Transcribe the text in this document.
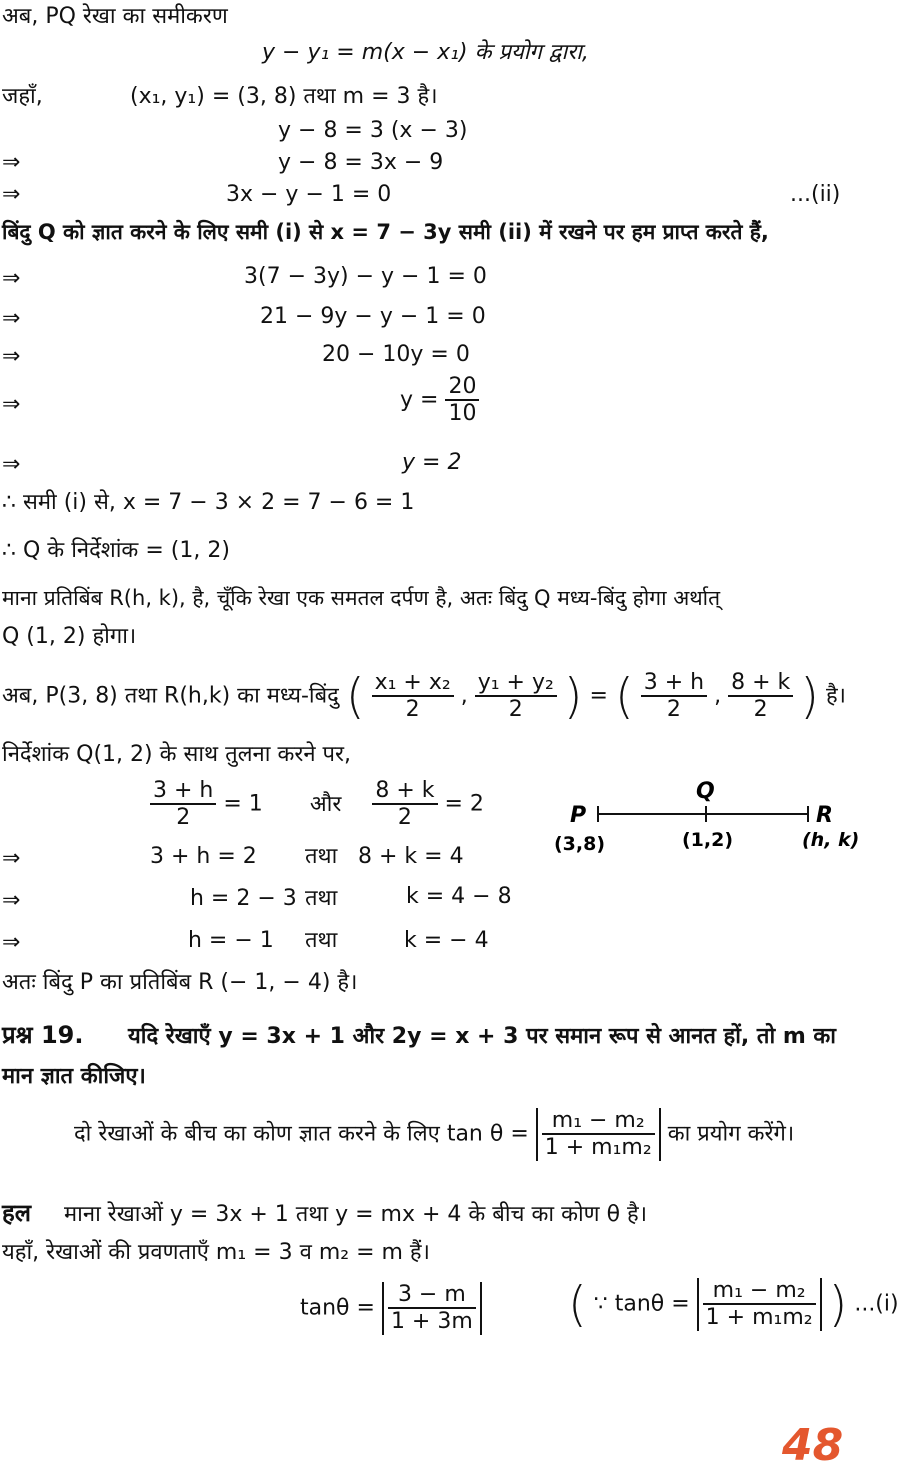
अब, PQ रेखा का समीकरण
y − y₁ = m(x − x₁) के प्रयोग द्वारा,
जहाँ,	(x₁, y₁) = (3, 8) तथा m = 3 है।
y − 8 = 3 (x − 3)
⇒	y − 8 = 3x − 9
⇒	3x − y − 1 = 0	...(ii)
बिंदु Q को ज्ञात करने के लिए समी (i) से x = 7 − 3y समी (ii) में रखने पर हम प्राप्त करते हैं,
⇒	3(7 − 3y) − y − 1 = 0
⇒	21 − 9y − y − 1 = 0
⇒	20 − 10y = 0
⇒	$y = \frac{20}{10}$
⇒	y = 2
∴ समी (i) से, x = 7 − 3 × 2 = 7 − 6 = 1
∴ Q के निर्देशांक = (1, 2)
माना प्रतिबिंब R(h, k), है, चूँकि रेखा एक समतल दर्पण है, अतः बिंदु Q मध्य-बिंदु होगा अर्थात्
Q (1, 2) होगा।
अब, P(3, 8) तथा R(h,k) का मध्य-बिंदु ( $\frac{\text{x₁ + x₂}}{2}$ , $\frac{\text{y₁ + y₂}}{2}$ ) = ( $\frac{3 + h}{2}$ , $\frac{8 + k}{2}$ ) है।
निर्देशांक Q(1, 2) के साथ तुलना करने पर,
$\frac{3 + h}{2} = 1$ और $\frac{8 + k}{2} = 2$	P
Q
R
(3,8)	(1,2)	(h, k)
⇒	3 + h = 2 तथा 8 + k = 4
⇒	h = 2 − 3 तथा	k = 4 − 8
⇒	h = − 1 तथा	k = − 4
अतः बिंदु P का प्रतिबिंब R (− 1, − 4) है।
प्रश्न 19. यदि रेखाएँ y = 3x + 1 और 2y = x + 3 पर समान रूप से आनत हों, तो m का
मान ज्ञात कीजिए।
दो रेखाओं के बीच का कोण ज्ञात करने के लिए $\tan \theta = \frac{\text{m₁ − m₂}}{\text{1 + m₁m₂}}$ का प्रयोग करेंगे।
हल माना रेखाओं y = 3x + 1 तथा y = mx + 4 के बीच का कोण θ है।
यहाँ, रेखाओं की प्रवणताएँ m₁ = 3 व m₂ = m हैं।
$\tan\theta = \frac{3 - m}{1 + 3m}$ ( ∵ $\tan\theta = \frac{\text{m₁ − m₂}}{\text{1 + m₁m₂}}$ ) ...(i)
48
